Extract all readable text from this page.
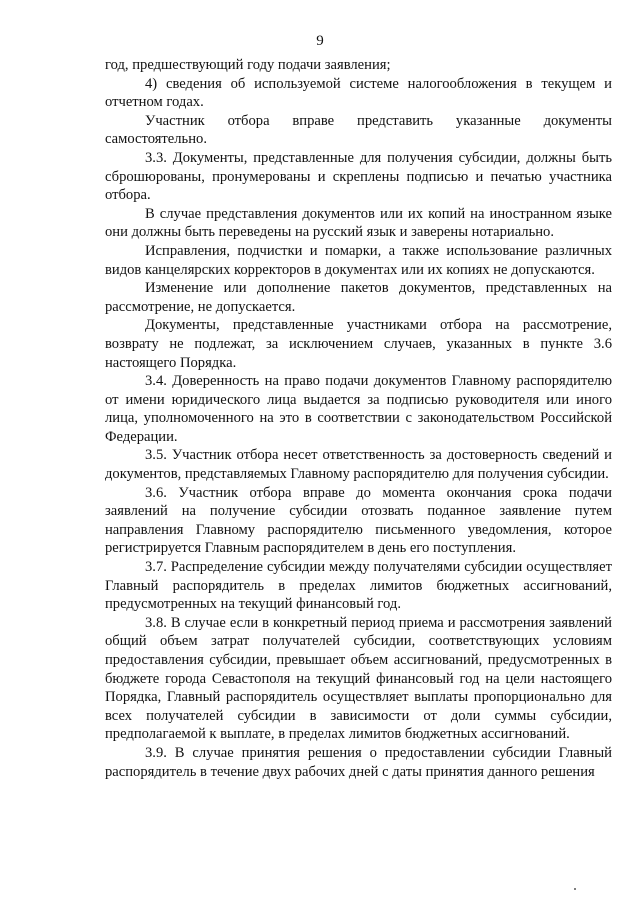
9

год, предшествующий году подачи заявления;

4) сведения об используемой системе налогообложения в текущем и отчетном годах.

Участник отбора вправе представить указанные документы самостоятельно.

3.3. Документы, представленные для получения субсидии, должны быть сброшюрованы, пронумерованы и скреплены подписью и печатью участника отбора.

В случае представления документов или их копий на иностранном языке они должны быть переведены на русский язык и заверены нотариально.

Исправления, подчистки и помарки, а также использование различных видов канцелярских корректоров в документах или их копиях не допускаются.

Изменение или дополнение пакетов документов, представленных на рассмотрение, не допускается.

Документы, представленные участниками отбора на рассмотрение, возврату не подлежат, за исключением случаев, указанных в пункте 3.6 настоящего Порядка.

3.4. Доверенность на право подачи документов Главному распорядителю от имени юридического лица выдается за подписью руководителя или иного лица, уполномоченного на это в соответствии с законодательством Российской Федерации.

3.5. Участник отбора несет ответственность за достоверность сведений и документов, представляемых Главному распорядителю для получения субсидии.

3.6. Участник отбора вправе до момента окончания срока подачи заявлений на получение субсидии отозвать поданное заявление путем направления Главному распорядителю письменного уведомления, которое регистрируется Главным распорядителем в день его поступления.

3.7. Распределение субсидии между получателями субсидии осуществляет Главный распорядитель в пределах лимитов бюджетных ассигнований, предусмотренных на текущий финансовый год.

3.8. В случае если в конкретный период приема и рассмотрения заявлений общий объем затрат получателей субсидии, соответствующих условиям предоставления субсидии, превышает объем ассигнований, предусмотренных в бюджете города Севастополя на текущий финансовый год на цели настоящего Порядка, Главный распорядитель осуществляет выплаты пропорционально для всех получателей субсидии в зависимости от доли суммы субсидии, предполагаемой к выплате, в пределах лимитов бюджетных ассигнований.

3.9. В случае принятия решения о предоставлении субсидии Главный распорядитель в течение двух рабочих дней с даты принятия данного решения
